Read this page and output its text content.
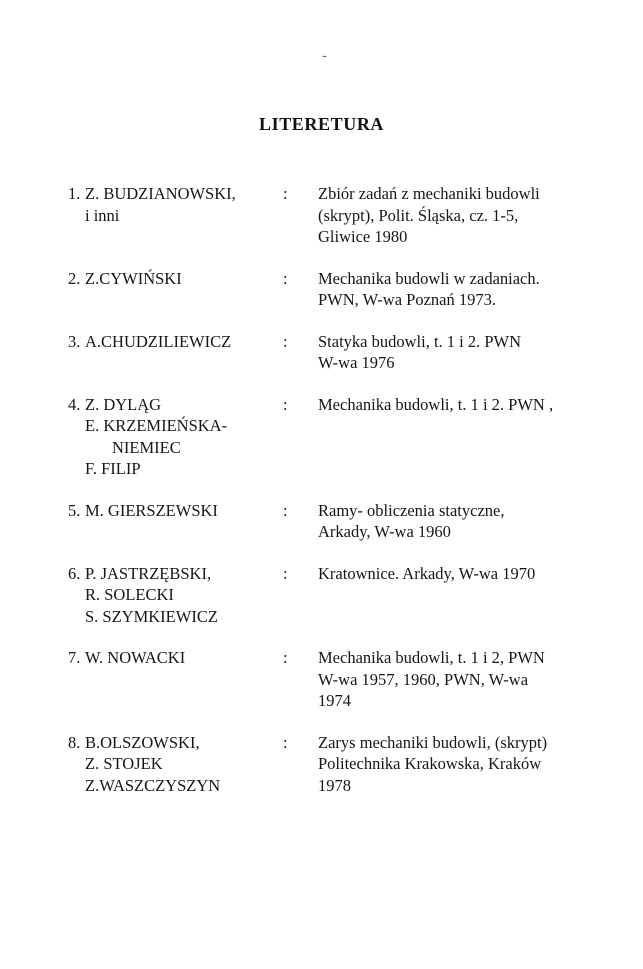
-
LITERETURA
1. Z. BUDZIANOWSKI,
i inni
:	Zbiór zadań z mechaniki budowli
(skrypt), Polit. Śląska, cz. 1-5,
Gliwice 1980
2. Z.CYWIŃSKI	:	Mechanika budowli w zadaniach.
PWN, W-wa Poznań 1973.
3. A.CHUDZILIEWICZ	:	Statyka budowli, t. 1 i 2. PWN
W-wa 1976
4. Z. DYLĄG
E. KRZEMIEŃSKA-
NIEMIEC
F. FILIP
:	Mechanika budowli, t. 1 i 2. PWN ,
5. M. GIERSZEWSKI	:	Ramy- obliczenia statyczne,
Arkady, W-wa 1960
6. P. JASTRZĘBSKI,
R. SOLECKI
S. SZYMKIEWICZ
:	Kratownice. Arkady, W-wa 1970
7. W. NOWACKI	:	Mechanika budowli, t. 1 i 2, PWN
W-wa 1957, 1960, PWN, W-wa
1974
8. B.OLSZOWSKI,
Z. STOJEK
Z.WASZCZYSZYN
:	Zarys mechaniki budowli, (skrypt)
Politechnika Krakowska, Kraków
1978
